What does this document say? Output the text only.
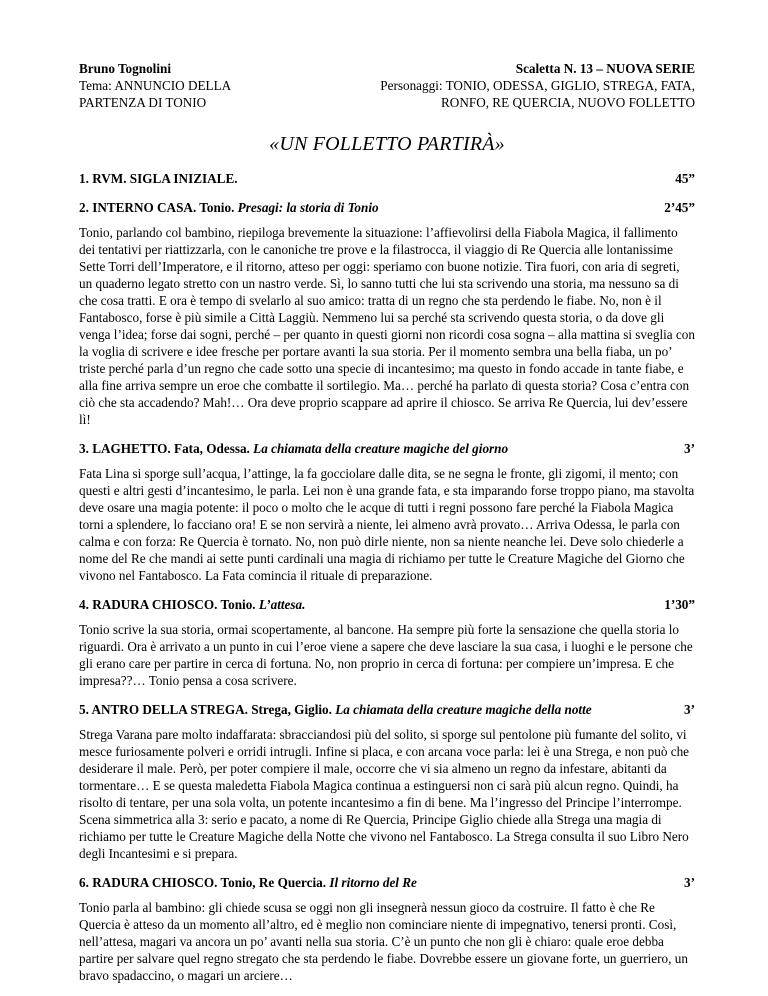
Bruno Tognolini
Tema: ANNUNCIO DELLA
PARTENZA DI TONIO
Scaletta N. 13 – NUOVA SERIE
Personaggi: TONIO, ODESSA, GIGLIO, STREGA, FATA,
RONFO, RE QUERCIA, NUOVO FOLLETTO
«UN FOLLETTO PARTIRÀ»
1. RVM. SIGLA INIZIALE.	45”
2. INTERNO CASA. Tonio. Presagi: la storia di Tonio	2’45”

Tonio, parlando col bambino, riepiloga brevemente la situazione: l’affievolirsi della Fiabola Magica, il fallimento dei tentativi per riattizzarla, con le canoniche tre prove e la filastrocca, il viaggio di Re Quercia alle lontanissime Sette Torri dell’Imperatore, e il ritorno, atteso per oggi: speriamo con buone notizie. Tira fuori, con aria di segreti, un quaderno legato stretto con un nastro verde. Sì, lo sanno tutti che lui sta scrivendo una storia, ma nessuno sa di che cosa tratti. E ora è tempo di svelarlo al suo amico: tratta di un regno che sta perdendo le fiabe. No, non è il Fantabosco, forse è più simile a Città Laggiù. Nemmeno lui sa perché sta scrivendo questa storia, o da dove gli venga l’idea; forse dai sogni, perché – per quanto in questi giorni non ricordi cosa sogna – alla mattina si sveglia con la voglia di scrivere e idee fresche per portare avanti la sua storia. Per il momento sembra una bella fiaba, un po’ triste perché parla d’un regno che cade sotto una specie di incantesimo; ma questo in fondo accade in tante fiabe, e alla fine arriva sempre un eroe che combatte il sortilegio. Ma… perché ha parlato di questa storia? Cosa c’entra con ciò che sta accadendo? Mah!… Ora deve proprio scappare ad aprire il chiosco. Se arriva Re Quercia, lui dev’essere lì!

3. LAGHETTO. Fata, Odessa. La chiamata della creature magiche del giorno	3’

Fata Lina si sporge sull’acqua, l’attinge, la fa gocciolare dalle dita, se ne segna le fronte, gli zigomi, il mento; con questi e altri gesti d’incantesimo, le parla. Lei non è una grande fata, e sta imparando forse troppo piano, ma stavolta deve osare una magia potente: il poco o molto che le acque di tutti i regni possono fare perché la Fiabola Magica torni a splendere, lo facciano ora! E se non servirà a niente, lei almeno avrà provato… Arriva Odessa, le parla con calma e con forza: Re Quercia è tornato. No, non può dirle niente, non sa niente neanche lei. Deve solo chiederle a nome del Re che mandi ai sette punti cardinali una magia di richiamo per tutte le Creature Magiche del Giorno che vivono nel Fantabosco. La Fata comincia il rituale di preparazione.

4. RADURA CHIOSCO. Tonio. L’attesa.	1’30”

Tonio scrive la sua storia, ormai scopertamente, al bancone. Ha sempre più forte la sensazione che quella storia lo riguardi. Ora è arrivato a un punto in cui l’eroe viene a sapere che deve lasciare la sua casa, i luoghi e le persone che gli erano care per partire in cerca di fortuna. No, non proprio in cerca di fortuna: per compiere un’impresa. E che impresa??… Tonio pensa a cosa scrivere.

5. ANTRO DELLA STREGA. Strega, Giglio. La chiamata della creature magiche della notte	3’

Strega Varana pare molto indaffarata: sbracciandosi più del solito, si sporge sul pentolone più fumante del solito, vi mesce furiosamente polveri e orridi intrugli. Infine si placa, e con arcana voce parla: lei è una Strega, e non può che desiderare il male. Però, per poter compiere il male, occorre che vi sia almeno un regno da infestare, abitanti da tormentare… E se questa maledetta Fiabola Magica continua a estinguersi non ci sarà più alcun regno. Quindi, ha risolto di tentare, per una sola volta, un potente incantesimo a fin di bene. Ma l’ingresso del Principe l’interrompe. Scena simmetrica alla 3: serio e pacato, a nome di Re Quercia, Principe Giglio chiede alla Strega una magia di richiamo per tutte le Creature Magiche della Notte che vivono nel Fantabosco. La Strega consulta il suo Libro Nero degli Incantesimi e si prepara.

6. RADURA CHIOSCO. Tonio, Re Quercia. Il ritorno del Re	3’

Tonio parla al bambino: gli chiede scusa se oggi non gli insegnerà nessun gioco da costruire. Il fatto è che Re Quercia è atteso da un momento all’altro, ed è meglio non cominciare niente di impegnativo, tenersi pronti. Così, nell’attesa, magari va ancora un po’ avanti nella sua storia. C’è un punto che non gli è chiaro: quale eroe debba partire per salvare quel regno stregato che sta perdendo le fiabe. Dovrebbe essere un giovane forte, un guerriero, un bravo spadaccino, o magari un arciere…
